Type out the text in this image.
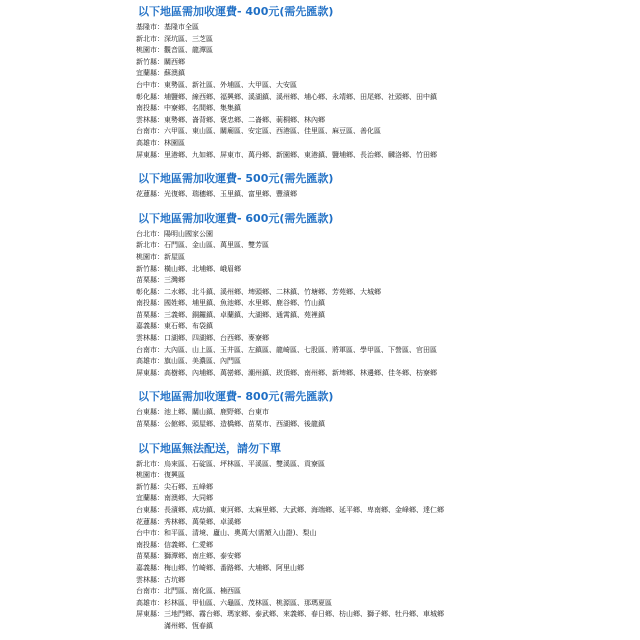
以下地區需加收運費- 400元(需先匯款)
基隆市：基隆市全區
新北市：深坑區、三芝區
桃園市：觀音區、龍潭區
新竹縣：關西鄉
宜蘭縣：蘇澳鎮
台中市：東勢區、新社區、外埔區、大甲區、大安區
彰化縣：埔鹽鄉、線西鄉、福興鄉、溪湖鎮、溪州鄉、埔心鄉、永靖鄉、田尾鄉、社頭鄉、田中鎮
南投縣：中寮鄉、名間鄉、集集鎮
雲林縣：東勢鄉、崙背鄉、褒忠鄉、二崙鄉、莿桐鄉、林內鄉
台南市：六甲區、東山區、關廟區、安定區、西港區、佳里區、麻豆區、善化區
高雄市：林園區
屏東縣：里港鄉、九如鄉、屏東市、萬丹鄉、新園鄉、東港鎮、鹽埔鄉、長治鄉、麟洛鄉、竹田鄉
以下地區需加收運費- 500元(需先匯款)
花蓮縣：光復鄉、瑞穗鄉、玉里鎮、富里鄉、豐濱鄉
以下地區需加收運費- 600元(需先匯款)
台北市：陽明山國家公園
新北市：石門區、金山區、萬里區、雙芳區
桃園市：新屋區
新竹縣：橫山鄉、北埔鄉、峨眉鄉
苗栗縣：三灣鄉
彰化縣：二水鄉、北斗鎮、溪州鄉、埤頭鄉、二林鎮、竹塘鄉、芳苑鄉、大城鄉
南投縣：國姓鄉、埔里鎮、魚池鄉、水里鄉、鹿谷鄉、竹山鎮
苗栗縣：三義鄉、銅鑼鎮、卓蘭鎮、大湖鄉、通霄鎮、苑裡鎮
嘉義縣：東石鄉、布袋鎮
雲林縣：口湖鄉、四湖鄉、台西鄉、麥寮鄉
台南市：大內區、山上區、玉井區、左鎮區、龍崎區、七股區、將軍區、學甲區、下營區、官田區
高雄市：旗山區、美濃區、內門區
屏東縣：高樹鄉、內埔鄉、萬巒鄉、潮州鎮、崁頂鄉、南州鄉、新埤鄉、林邊鄉、佳冬鄉、枋寮鄉
以下地區需加收運費- 800元(需先匯款)
台東縣：池上鄉、關山鎮、鹿野鄉、台東市
苗栗縣：公館鄉、頭屋鄉、造橋鄉、苗栗市、西湖鄉、後龍鎮
以下地區無法配送，請勿下單
新北市：烏來區、石碇區、坪林區、平溪區、雙溪區、貢寮區
桃園市：復興區
新竹縣：尖石鄉、五峰鄉
宜蘭縣：南澳鄉、大同鄉
台東縣：長濱鄉、成功鎮、東河鄉、太麻里鄉、大武鄉、海端鄉、延平鄉、卑南鄉、金峰鄉、達仁鄉
花蓮縣：秀林鄉、萬榮鄉、卓溪鄉
台中市：和平區、清境、廬山、奧萬大(需額入山證)、梨山
南投縣：信義鄉、仁愛鄉
苗栗縣：獅潭鄉、南庄鄉、泰安鄉
嘉義縣：梅山鄉、竹崎鄉、番路鄉、大埔鄉、阿里山鄉
雲林縣：古坑鄉
台南市：北門區、南化區、楠西區
高雄市：杉林區、甲仙區、六龜區、茂林區、桃源區、那瑪夏區
屏東縣：三地門鄉、霧台鄉、瑪家鄉、泰武鄉、來義鄉、春日鄉、枋山鄉、獅子鄉、牡丹鄉、車城鄉
　　　　滿州鄉、恆春鎮
